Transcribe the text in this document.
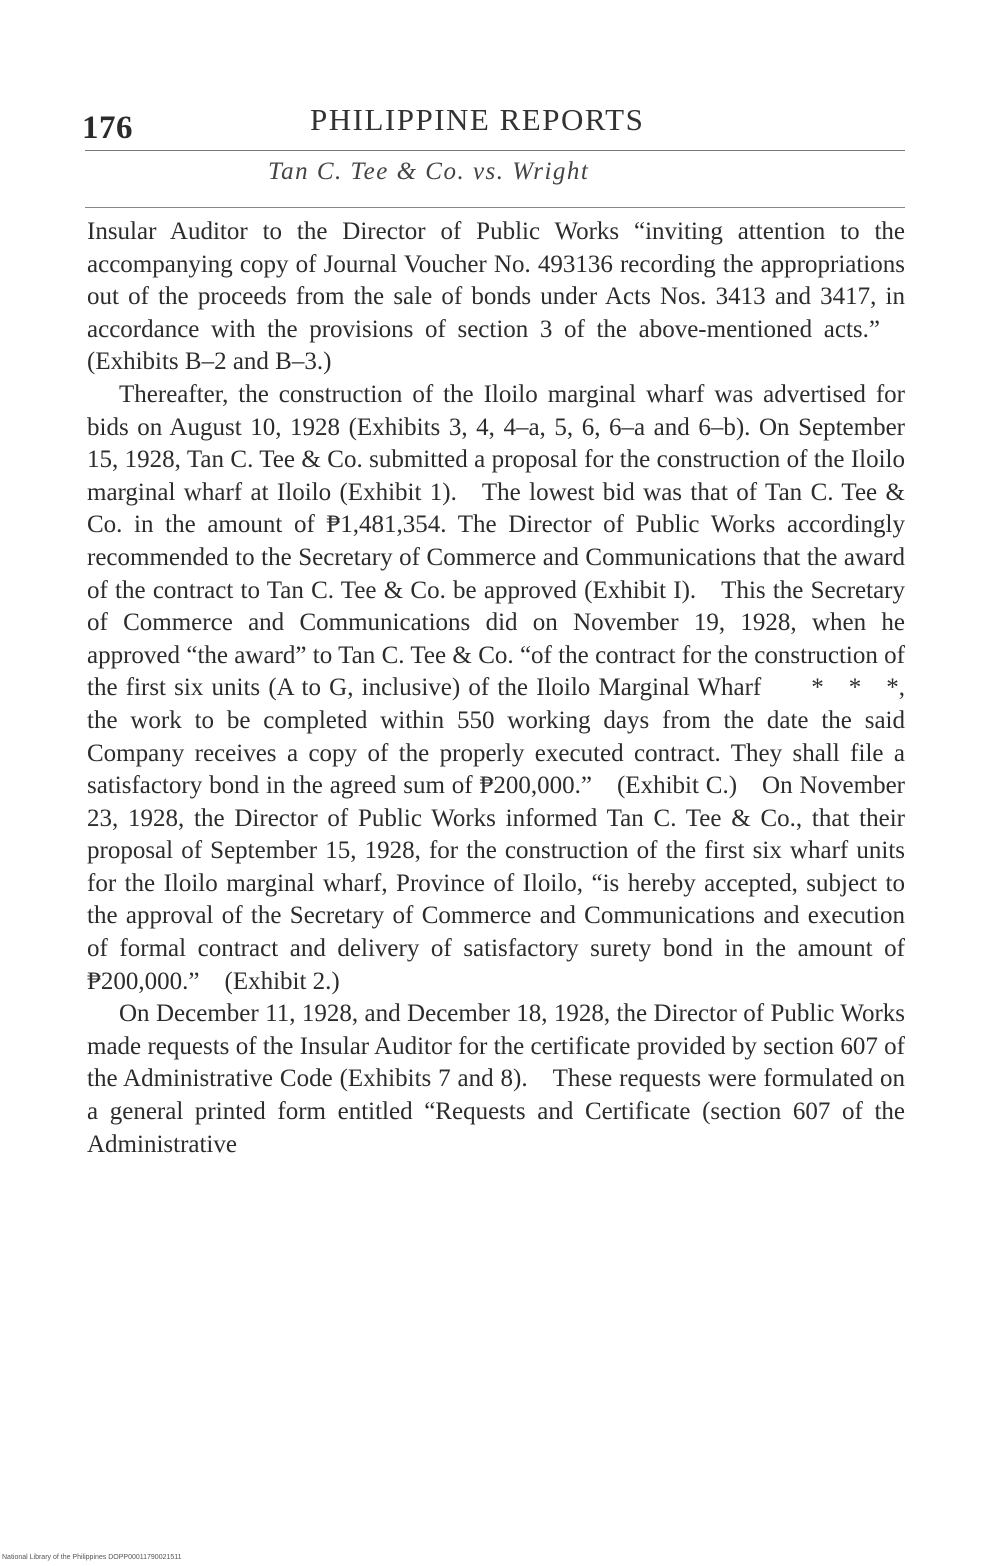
176	PHILIPPINE REPORTS
Tan C. Tee & Co. vs. Wright

Insular Auditor to the Director of Public Works “inviting attention to the accompanying copy of Journal Voucher No. 493136 recording the appropriations out of the proceeds from the sale of bonds under Acts Nos. 3413 and 3417, in accordance with the provisions of section 3 of the above-mentioned acts.” (Exhibits B–2 and B–3.)

Thereafter, the construction of the Iloilo marginal wharf was advertised for bids on August 10, 1928 (Exhibits 3, 4, 4–a, 5, 6, 6–a and 6–b). On September 15, 1928, Tan C. Tee & Co. submitted a proposal for the construction of the Iloilo marginal wharf at Iloilo (Exhibit 1). The lowest bid was that of Tan C. Tee & Co. in the amount of ₱1,481,354. The Director of Public Works accordingly recommended to the Secretary of Commerce and Communications that the award of the contract to Tan C. Tee & Co. be approved (Exhibit I). This the Secretary of Commerce and Communications did on November 19, 1928, when he approved “the award” to Tan C. Tee & Co. “of the contract for the construction of the first six units (A to G, inclusive) of the Iloilo Marginal Wharf  * * *, the work to be completed within 550 working days from the date the said Company receives a copy of the properly executed contract. They shall file a satisfactory bond in the agreed sum of ₱200,000.” (Exhibit C.) On November 23, 1928, the Director of Public Works informed Tan C. Tee & Co., that their proposal of September 15, 1928, for the construction of the first six wharf units for the Iloilo marginal wharf, Province of Iloilo, “is hereby accepted, subject to the approval of the Secretary of Commerce and Communications and execution of formal contract and delivery of satisfactory surety bond in the amount of ₱200,000.” (Exhibit 2.)

On December 11, 1928, and December 18, 1928, the Director of Public Works made requests of the Insular Auditor for the certificate provided by section 607 of the Administrative Code (Exhibits 7 and 8). These requests were formulated on a general printed form entitled “Requests and Certificate (section 607 of the Administrative

National Library of the Philippines DOPP00011790021511
